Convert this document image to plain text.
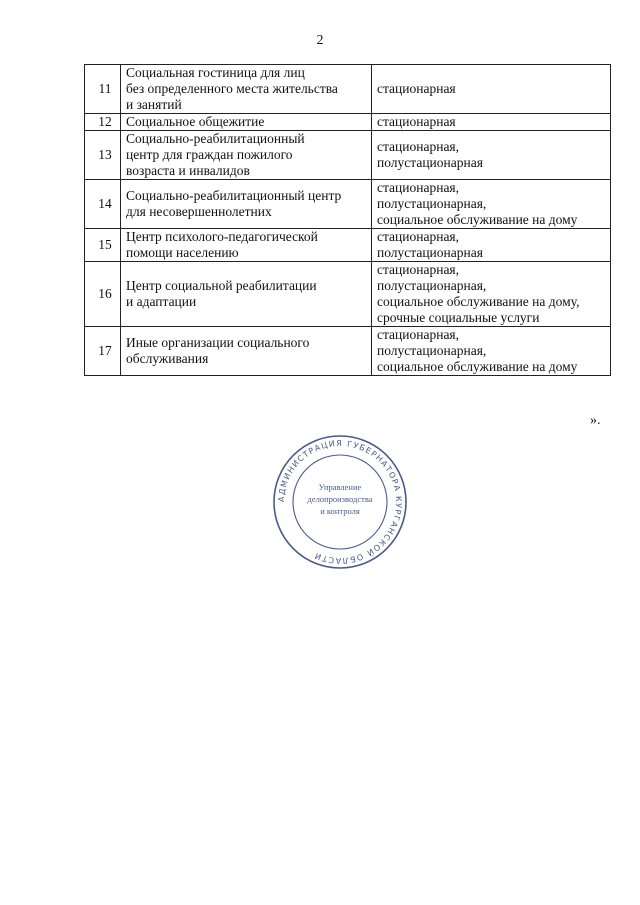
2
11	Социальная гостиница для лиц
без определенного места жительства
и занятий	стационарная

12	Социальное общежитие	стационарная

13	Социально-реабилитационный
центр для граждан пожилого
возраста и инвалидов	стационарная,
полустационарная

14	Социально-реабилитационный центр
для несовершеннолетних	стационарная,
полустационарная,
социальное обслуживание на дому

15	Центр психолого-педагогической
помощи населению	стационарная,
полустационарная

16	Центр социальной реабилитации
и адаптации	стационарная,
полустационарная,
социальное обслуживание на дому,
срочные социальные услуги

17	Иные организации социального
обслуживания	стационарная,
полустационарная,
социальное обслуживание на дому
».
АДМИНИСТРАЦИЯ ГУБЕРНАТОРА КУРГАНСКОЙ ОБЛАСТИ
Управление
делопроизводства
и контроля
